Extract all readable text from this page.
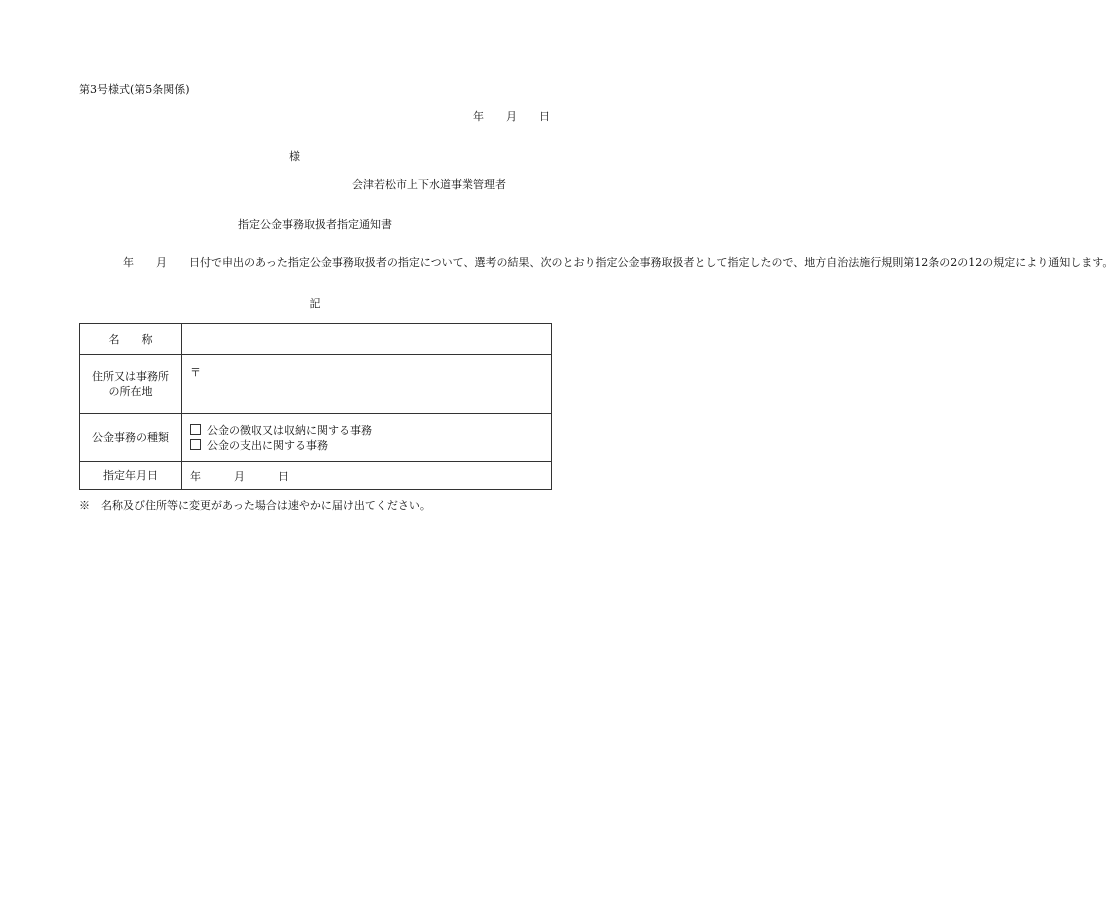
第3号様式(第5条関係)
年　　月　　日
様
会津若松市上下水道事業管理者
指定公金事務取扱者指定通知書
　　　　年　　月　　日付で申出のあった指定公金事務取扱者の指定について、選考の結果、次のとおり指定公金事務取扱者として指定したので、地方自治法施行規則第12条の2の12の規定により通知します。
記
名　　称	

住所又は事務所
の所在地	〒

公金事務の種類	公金の徴収又は収納に関する事務
公金の支出に関する事務

指定年月日	年　　　月　　　日
※　名称及び住所等に変更があった場合は速やかに届け出てください。
